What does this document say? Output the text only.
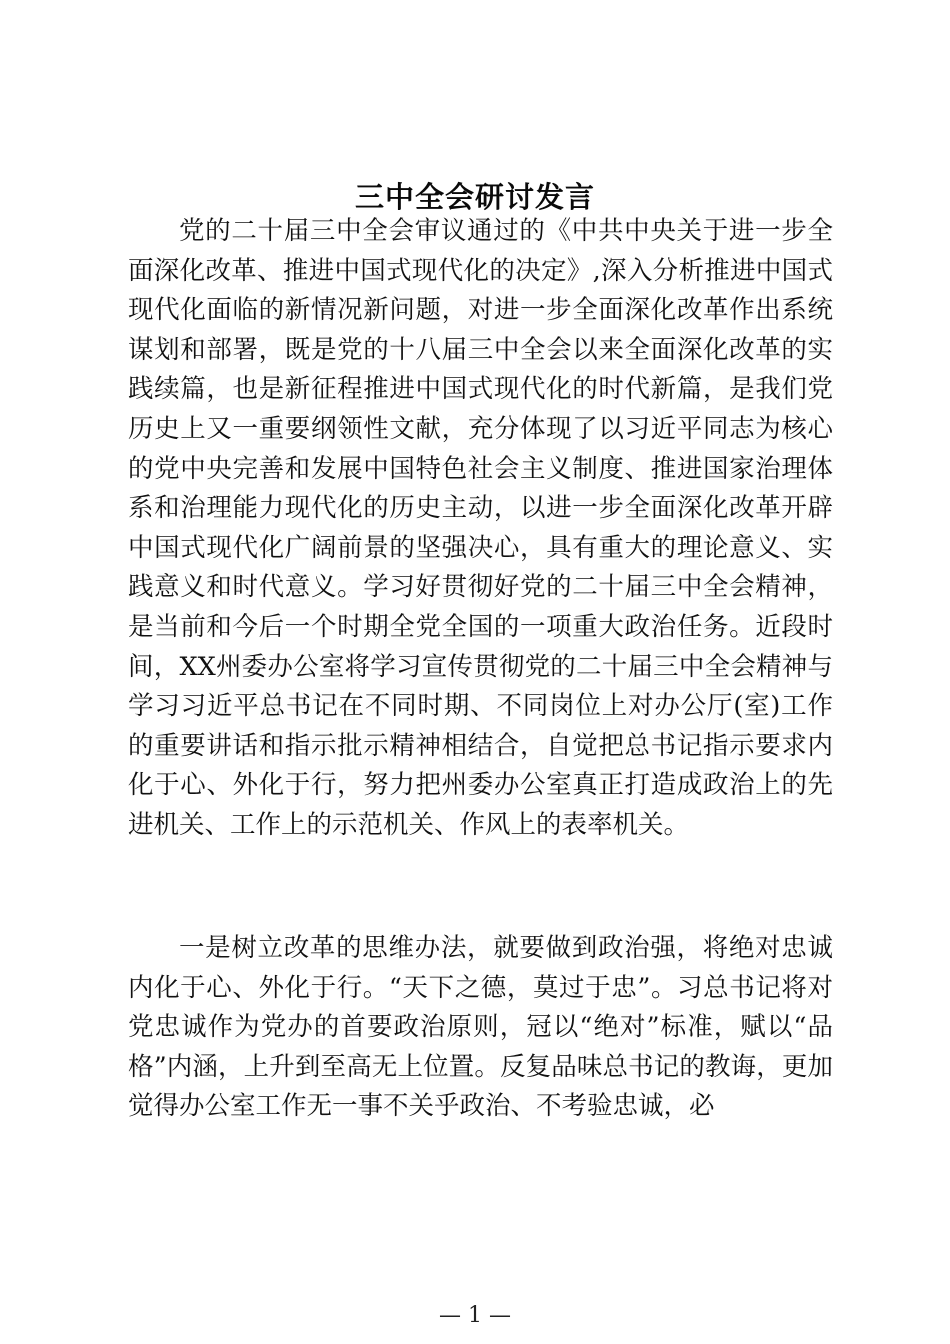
三中全会研讨发言

党的二十届三中全会审议通过的《中共中央关于进一步全面深化改革、推进中国式现代化的决定》,深入分析推进中国式现代化面临的新情况新问题，对进一步全面深化改革作出系统谋划和部署，既是党的十八届三中全会以来全面深化改革的实践续篇，也是新征程推进中国式现代化的时代新篇，是我们党历史上又一重要纲领性文献，充分体现了以习近平同志为核心的党中央完善和发展中国特色社会主义制度、推进国家治理体系和治理能力现代化的历史主动，以进一步全面深化改革开辟中国式现代化广阔前景的坚强决心，具有重大的理论意义、实践意义和时代意义。学习好贯彻好党的二十届三中全会精神，是当前和今后一个时期全党全国的一项重大政治任务。近段时间，XX州委办公室将学习宣传贯彻党的二十届三中全会精神与学习习近平总书记在不同时期、不同岗位上对办公厅(室)工作的重要讲话和指示批示精神相结合，自觉把总书记指示要求内化于心、外化于行，努力把州委办公室真正打造成政治上的先进机关、工作上的示范机关、作风上的表率机关。

一是树立改革的思维办法，就要做到政治强，将绝对忠诚内化于心、外化于行。“天下之德，莫过于忠”。习总书记将对党忠诚作为党办的首要政治原则，冠以“绝对”标准，赋以“品格”内涵，上升到至高无上位置。反复品味总书记的教诲，更加觉得办公室工作无一事不关乎政治、不考验忠诚，必

— 1 —
